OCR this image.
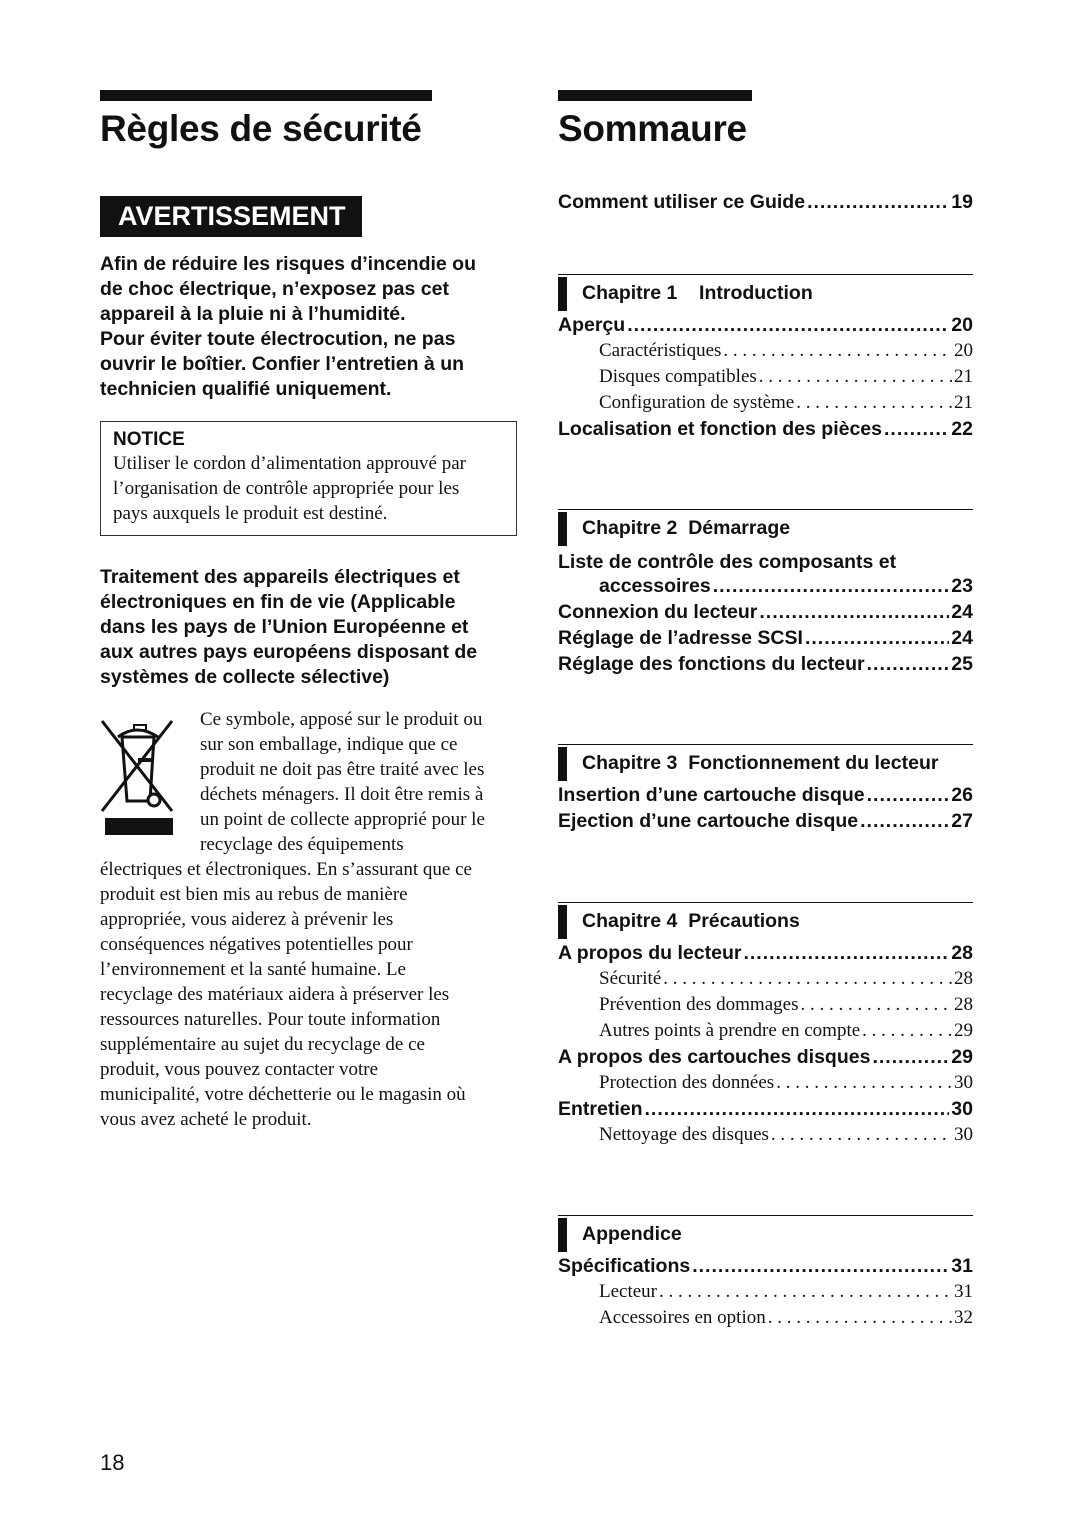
Règles de sécurité
AVERTISSEMENT
Afin de réduire les risques d’incendie ou
de choc électrique, n’exposez pas cet
appareil à la pluie ni à l’humidité.
Pour éviter toute électrocution, ne pas
ouvrir le boîtier. Confier l’entretien à un
technicien qualifié uniquement.
NOTICE
Utiliser le cordon d’alimentation approuvé par
l’organisation de contrôle appropriée pour les
pays auxquels le produit est destiné.
Traitement des appareils électriques et
électroniques en fin de vie (Applicable
dans les pays de l’Union Européenne et
aux autres pays européens disposant de
systèmes de collecte sélective)
Ce symbole, apposé sur le produit ou
sur son emballage, indique que ce
produit ne doit pas être traité avec les
déchets ménagers. Il doit être remis à
un point de collecte approprié pour le
recyclage des équipements
électriques et électroniques. En s’assurant que ce
produit est bien mis au rebus de manière
appropriée, vous aiderez à prévenir les
conséquences négatives potentielles pour
l’environnement et la santé humaine. Le
recyclage des matériaux aidera à préserver les
ressources naturelles. Pour toute information
supplémentaire au sujet du recyclage de ce
produit, vous pouvez contacter votre
municipalité, votre déchetterie ou le magasin où
vous avez acheté le produit.
Sommaure
Comment utiliser ce Guide .....	19
Chapitre 1    Introduction
Aperçu .....	20
Caractéristiques . . .	20
Disques compatibles . . .	21
Configuration de système . . .	21
Localisation et fonction des pièces .....	22
Chapitre 2  Démarrage
Liste de contrôle des composants et
accessoires .....	23
Connexion du lecteur .....	24
Réglage de l’adresse SCSI .....	24
Réglage des fonctions du lecteur .....	25
Chapitre 3  Fonctionnement du lecteur
Insertion d’une cartouche disque .....	26
Ejection d’une cartouche disque .....	27
Chapitre 4  Précautions
A propos du lecteur .....	28
Sécurité . . .	28
Prévention des dommages . . .	28
Autres points à prendre en compte . . .	29
A propos des cartouches disques .....	29
Protection des données . . .	30
Entretien .....	30
Nettoyage des disques . . .	30
Appendice
Spécifications .....	31
Lecteur . . .	31
Accessoires en option . . .	32
18
